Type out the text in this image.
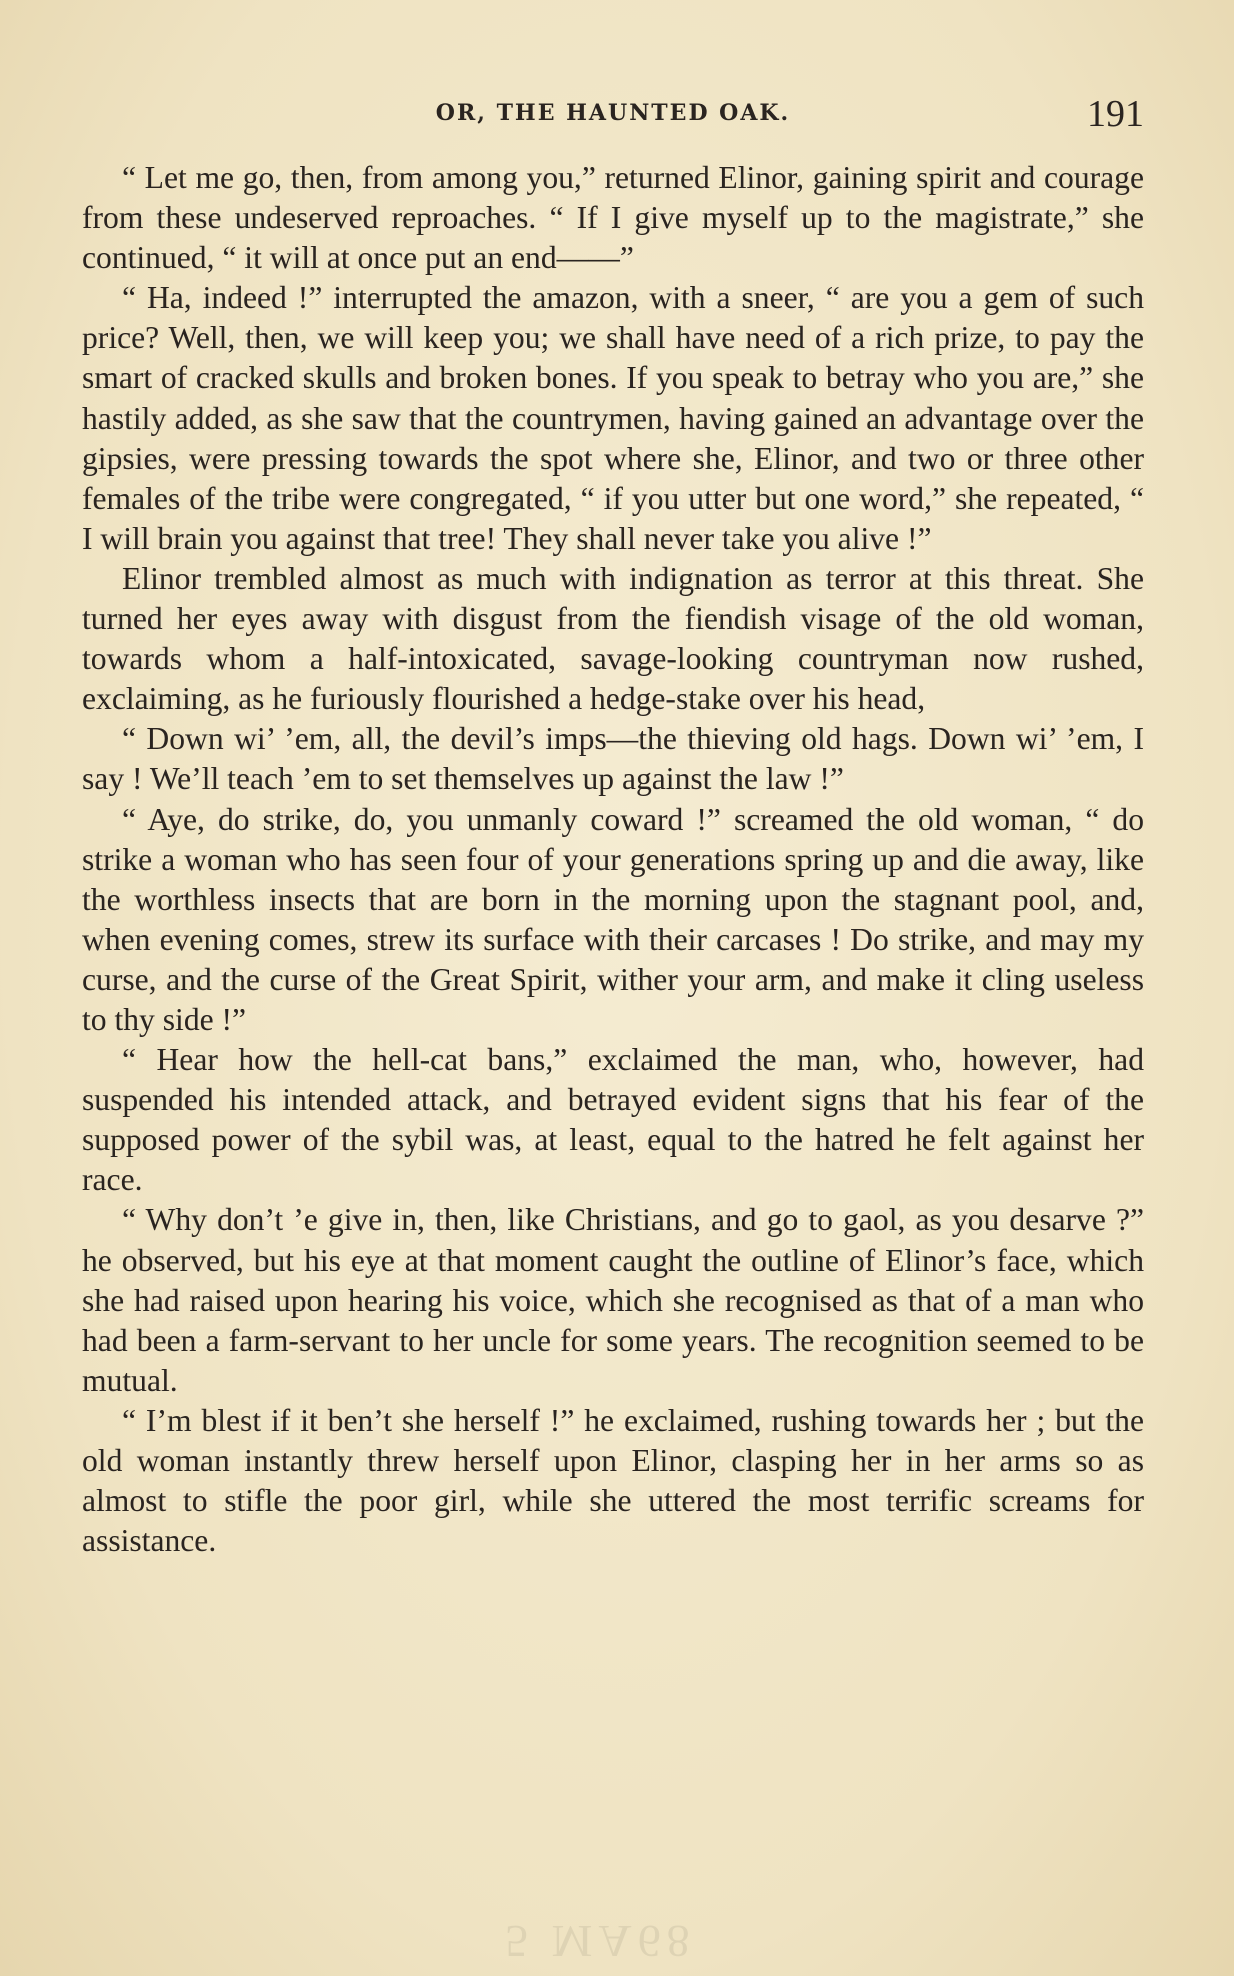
OR, THE HAUNTED OAK.	191

“ Let me go, then, from among you,” returned Elinor, gaining spirit and courage from these undeserved reproaches. “ If I give myself up to the magistrate,” she continued, “ it will at once put an end——”

“ Ha, indeed !” interrupted the amazon, with a sneer, “ are you a gem of such price? Well, then, we will keep you; we shall have need of a rich prize, to pay the smart of cracked skulls and broken bones. If you speak to betray who you are,” she hastily added, as she saw that the countrymen, having gained an advantage over the gipsies, were pressing towards the spot where she, Elinor, and two or three other females of the tribe were congregated, “ if you utter but one word,” she repeated, “ I will brain you against that tree! They shall never take you alive !”

Elinor trembled almost as much with indignation as terror at this threat. She turned her eyes away with disgust from the fiendish visage of the old woman, towards whom a half-intoxicated, savage-looking countryman now rushed, exclaiming, as he furiously flourished a hedge-stake over his head,

“ Down wi’ ’em, all, the devil’s imps—the thieving old hags. Down wi’ ’em, I say ! We’ll teach ’em to set themselves up against the law !”

“ Aye, do strike, do, you unmanly coward !” screamed the old woman, “ do strike a woman who has seen four of your generations spring up and die away, like the worthless insects that are born in the morning upon the stagnant pool, and, when evening comes, strew its surface with their carcases ! Do strike, and may my curse, and the curse of the Great Spirit, wither your arm, and make it cling useless to thy side !”

“ Hear how the hell-cat bans,” exclaimed the man, who, however, had suspended his intended attack, and betrayed evident signs that his fear of the supposed power of the sybil was, at least, equal to the hatred he felt against her race.

“ Why don’t ’e give in, then, like Christians, and go to gaol, as you desarve ?” he observed, but his eye at that moment caught the outline of Elinor’s face, which she had raised upon hearing his voice, which she recognised as that of a man who had been a farm-servant to her uncle for some years. The recognition seemed to be mutual.

“ I’m blest if it ben’t she herself !” he exclaimed, rushing towards her ; but the old woman instantly threw herself upon Elinor, clasping her in her arms so as almost to stifle the poor girl, while she uttered the most terrific screams for assistance.

5 MA68
